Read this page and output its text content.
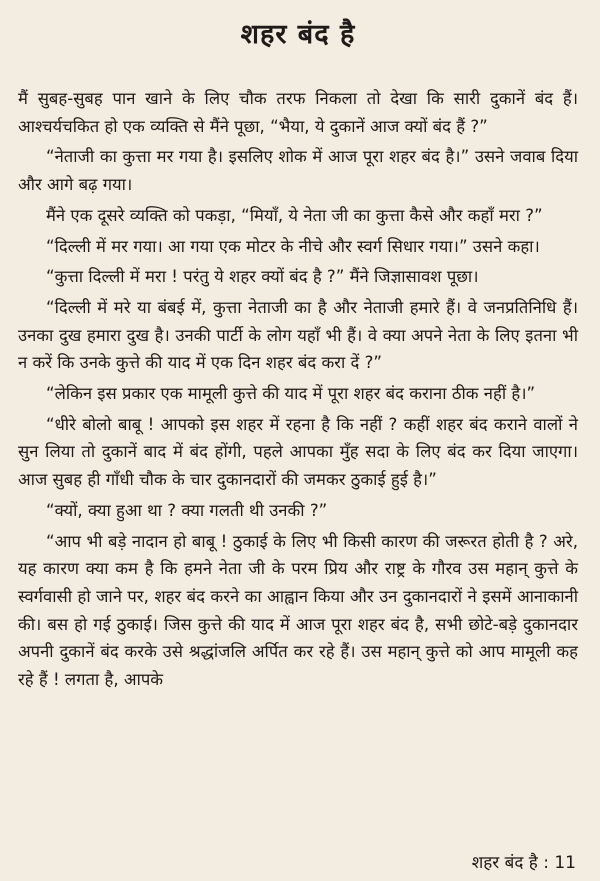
शहर बंद है

मैं सुबह-सुबह पान खाने के लिए चौक तरफ निकला तो देखा कि सारी दुकानें बंद हैं। आश्चर्यचकित हो एक व्यक्ति से मैंने पूछा, “भैया, ये दुकानें आज क्यों बंद हैं ?”

“नेताजी का कुत्ता मर गया है। इसलिए शोक में आज पूरा शहर बंद है।” उसने जवाब दिया और आगे बढ़ गया।

मैंने एक दूसरे व्यक्ति को पकड़ा, “मियाँ, ये नेता जी का कुत्ता कैसे और कहाँ मरा ?”

“दिल्ली में मर गया। आ गया एक मोटर के नीचे और स्वर्ग सिधार गया।” उसने कहा।

“कुत्ता दिल्ली में मरा ! परंतु ये शहर क्यों बंद है ?” मैंने जिज्ञासावश पूछा।

“दिल्ली में मरे या बंबई में, कुत्ता नेताजी का है और नेताजी हमारे हैं। वे जनप्रतिनिधि हैं। उनका दुख हमारा दुख है। उनकी पार्टी के लोग यहाँ भी हैं। वे क्या अपने नेता के लिए इतना भी न करें कि उनके कुत्ते की याद में एक दिन शहर बंद करा दें ?”

“लेकिन इस प्रकार एक मामूली कुत्ते की याद में पूरा शहर बंद कराना ठीक नहीं है।”

“धीरे बोलो बाबू ! आपको इस शहर में रहना है कि नहीं ? कहीं शहर बंद कराने वालों ने सुन लिया तो दुकानें बाद में बंद होंगी, पहले आपका मुँह सदा के लिए बंद कर दिया जाएगा। आज सुबह ही गाँधी चौक के चार दुकानदारों की जमकर ठुकाई हुई है।”

“क्यों, क्या हुआ था ? क्या गलती थी उनकी ?”

“आप भी बड़े नादान हो बाबू ! ठुकाई के लिए भी किसी कारण की जरूरत होती है ? अरे, यह कारण क्या कम है कि हमने नेता जी के परम प्रिय और राष्ट्र के गौरव उस महान् कुत्ते के स्वर्गवासी हो जाने पर, शहर बंद करने का आह्वान किया और उन दुकानदारों ने इसमें आनाकानी की। बस हो गई ठुकाई। जिस कुत्ते की याद में आज पूरा शहर बंद है, सभी छोटे-बड़े दुकानदार अपनी दुकानें बंद करके उसे श्रद्धांजलि अर्पित कर रहे हैं। उस महान् कुत्ते को आप मामूली कह रहे हैं ! लगता है, आपके

शहर बंद है : 11
